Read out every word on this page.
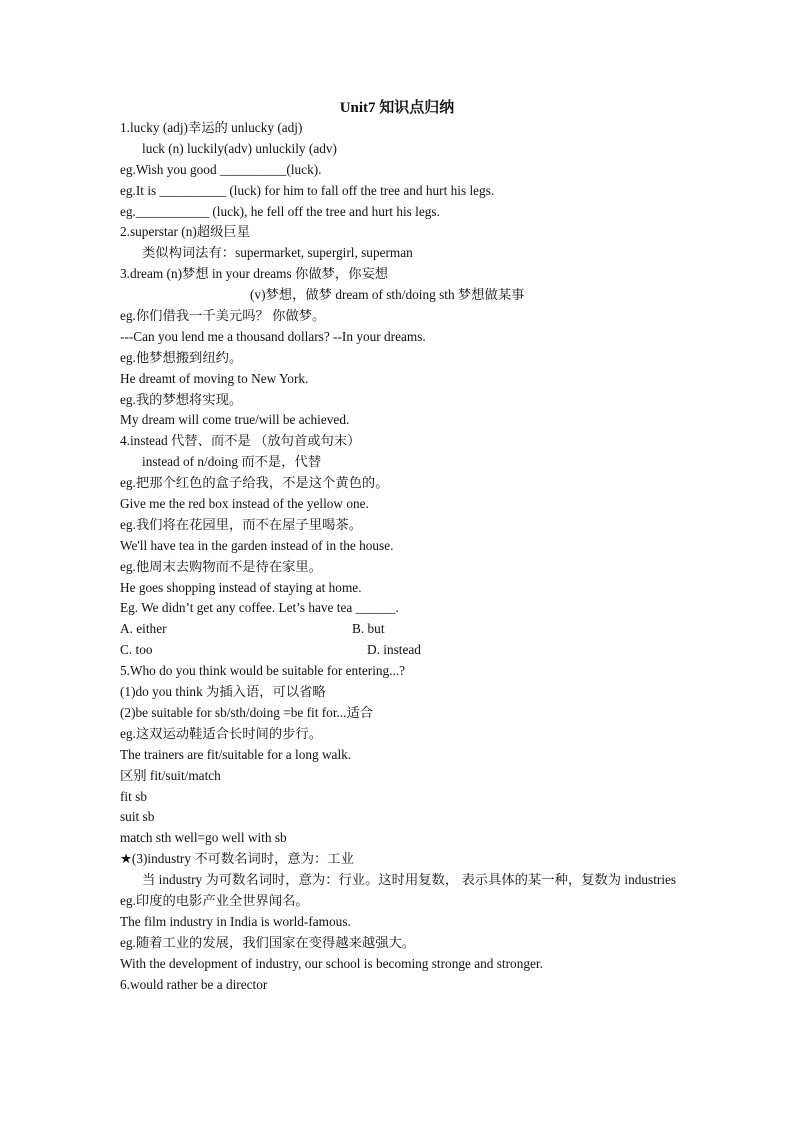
Unit7 知识点归纳
1.lucky (adj)幸运的 unlucky (adj)
luck (n) luckily(adv) unluckily (adv)
eg.Wish you good __________(luck).
eg.It is __________ (luck) for him to fall off the tree and hurt his legs.
eg.___________ (luck), he fell off the tree and hurt his legs.
2.superstar (n)超级巨星
类似构词法有：supermarket, supergirl, superman
3.dream (n)梦想 in your dreams 你做梦，你妄想
(v)梦想，做梦 dream of sth/doing sth 梦想做某事
eg.你们借我一千美元吗？ 你做梦。
---Can you lend me a thousand dollars? --In your dreams.
eg.他梦想搬到纽约。
He dreamt of moving to New York.
eg.我的梦想将实现。
My dream will come true/will be achieved.
4.instead 代替、而不是 （放句首或句末）
instead of n/doing 而不是，代替
eg.把那个红色的盒子给我，不是这个黄色的。
Give me the red box instead of the yellow one.
eg.我们将在花园里，而不在屋子里喝茶。
We'll have tea in the garden instead of in the house.
eg.他周末去购物而不是待在家里。
He goes shopping instead of staying at home.
Eg. We didn’t get any coffee. Let’s have tea ______.
A. either	B. but
C. too	D. instead
5.Who do you think would be suitable for entering...?
(1)do you think 为插入语，可以省略
(2)be suitable for sb/sth/doing =be fit for...适合
eg.这双运动鞋适合长时间的步行。
The trainers are fit/suitable for a long walk.
区别 fit/suit/match
fit sb
suit sb
match sth well=go well with sb
★(3)industry 不可数名词时，意为：工业
当 industry 为可数名词时，意为：行业。这时用复数， 表示具体的某一种，复数为 industries
eg.印度的电影产业全世界闻名。
The film industry in India is world-famous.
eg.随着工业的发展，我们国家在变得越来越强大。
With the development of industry, our school is becoming stronge and stronger.
6.would rather be a director
